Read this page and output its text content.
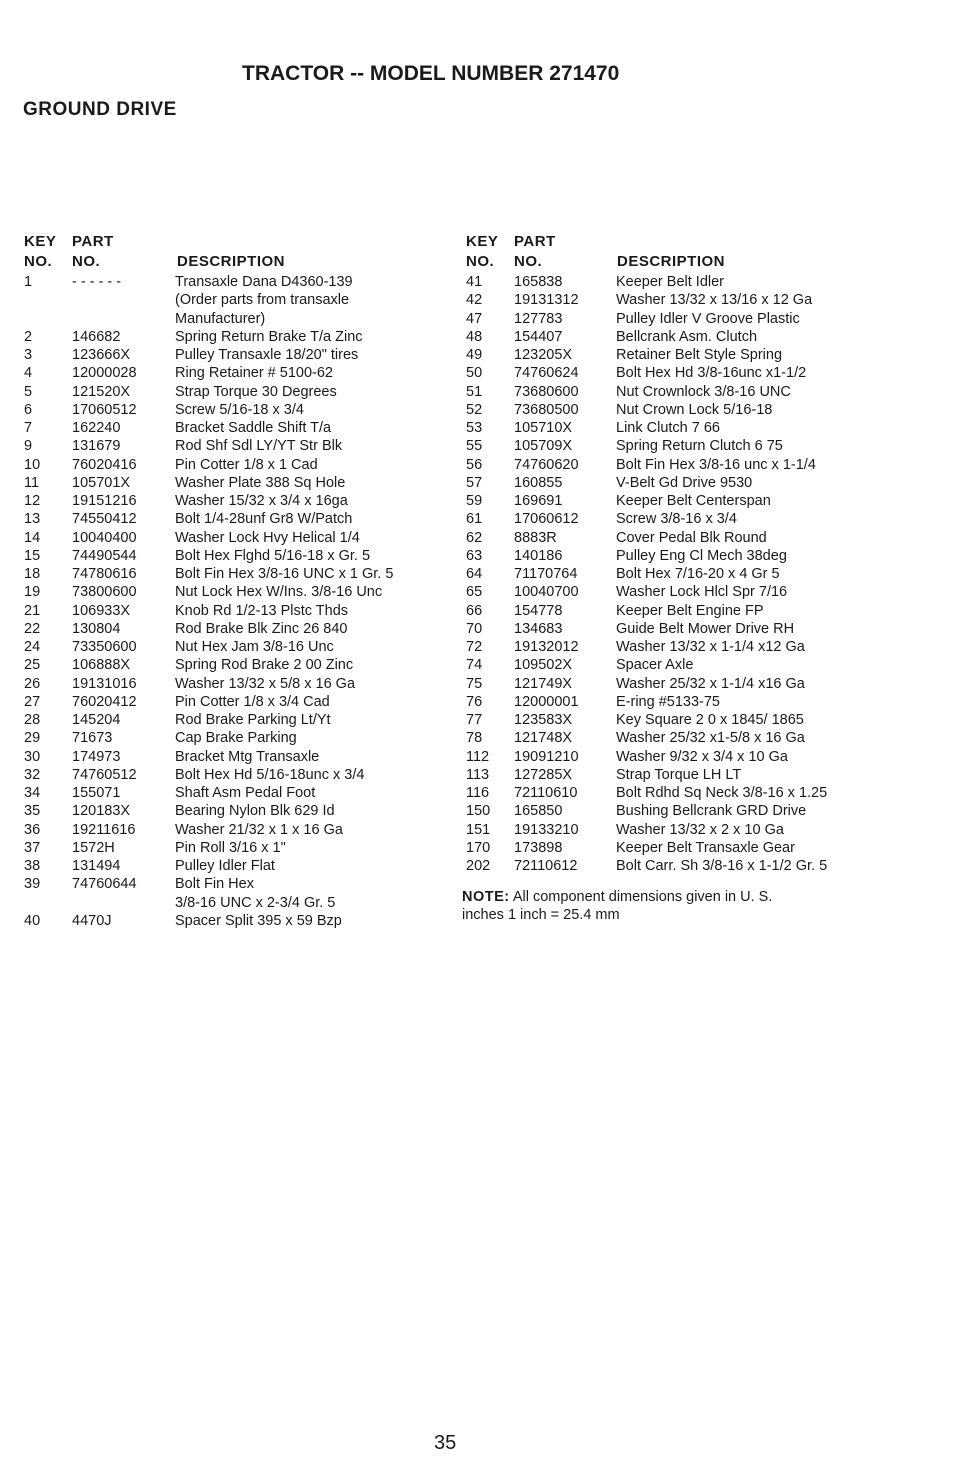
TRACTOR -- MODEL NUMBER 271470
GROUND DRIVE
KEY PART
NO. NO.	DESCRIPTION
1	- - - - - -	Transaxle Dana D4360-139
(Order parts from transaxle
Manufacturer)
2	146682	Spring Return Brake T/a Zinc
3	123666X	Pulley Transaxle 18/20" tires
4	12000028	Ring Retainer # 5100-62
5	121520X	Strap Torque 30 Degrees
6	17060512	Screw 5/16-18 x 3/4
7	162240	Bracket Saddle Shift T/a
9	131679	Rod Shf Sdl LY/YT Str Blk
10 76020416	Pin Cotter 1/8 x 1 Cad
11 105701X	Washer Plate 388 Sq Hole
12 19151216	Washer 15/32 x 3/4 x 16ga
13 74550412	Bolt 1/4-28unf Gr8 W/Patch
14 10040400	Washer Lock Hvy Helical 1/4
15 74490544	Bolt Hex Flghd 5/16-18 x Gr. 5
18 74780616	Bolt Fin Hex 3/8-16 UNC x 1 Gr. 5
19 73800600	Nut Lock Hex W/Ins. 3/8-16 Unc
21 106933X	Knob Rd 1/2-13 Plstc Thds
22 130804	Rod Brake Blk Zinc 26 840
24 73350600	Nut Hex Jam 3/8-16 Unc
25 106888X	Spring Rod Brake 2 00 Zinc
26 19131016	Washer 13/32 x 5/8 x 16 Ga
27 76020412	Pin Cotter 1/8 x 3/4 Cad
28 145204	Rod Brake Parking Lt/Yt
29 71673	Cap Brake Parking
30 174973	Bracket Mtg Transaxle
32 74760512	Bolt Hex Hd 5/16-18unc x 3/4
34 155071	Shaft Asm Pedal Foot
35 120183X	Bearing Nylon Blk 629 Id
36 19211616	Washer 21/32 x 1 x 16 Ga
37 1572H	Pin Roll 3/16 x 1"
38 131494	Pulley Idler Flat
39 74760644	Bolt Fin Hex
3/8-16 UNC x 2-3/4 Gr. 5
40 4470J	Spacer Split 395 x 59 Bzp
KEY PART
NO. NO.	DESCRIPTION
41 165838	Keeper Belt Idler
42 19131312	Washer 13/32 x 13/16 x 12 Ga
47 127783	Pulley Idler V Groove Plastic
48 154407	Bellcrank Asm. Clutch
49 123205X	Retainer Belt Style Spring
50 74760624	Bolt Hex Hd 3/8-16unc x1-1/2
51 73680600	Nut Crownlock 3/8-16 UNC
52 73680500	Nut Crown Lock 5/16-18
53 105710X	Link Clutch 7 66
55 105709X	Spring Return Clutch 6 75
56 74760620	Bolt Fin Hex 3/8-16 unc x 1-1/4
57 160855	V-Belt Gd Drive 9530
59 169691	Keeper Belt Centerspan
61 17060612	Screw 3/8-16 x 3/4
62 8883R	Cover Pedal Blk Round
63 140186	Pulley Eng Cl Mech 38deg
64 71170764	Bolt Hex 7/16-20 x 4 Gr 5
65 10040700	Washer Lock Hlcl Spr 7/16
66 154778	Keeper Belt Engine FP
70 134683	Guide Belt Mower Drive RH
72 19132012	Washer 13/32 x 1-1/4 x12 Ga
74 109502X	Spacer Axle
75 121749X	Washer 25/32 x 1-1/4 x16 Ga
76 12000001	E-ring #5133-75
77 123583X	Key Square 2 0 x 1845/ 1865
78 121748X	Washer 25/32 x1-5/8 x 16 Ga
112 19091210	Washer 9/32 x 3/4 x 10 Ga
113 127285X	Strap Torque LH LT
116 72110610	Bolt Rdhd Sq Neck 3/8-16 x 1.25
150 165850	Bushing Bellcrank GRD Drive
151 19133210	Washer 13/32 x 2 x 10 Ga
170 173898	Keeper Belt Transaxle Gear
202 72110612	Bolt Carr. Sh 3/8-16 x 1-1/2 Gr. 5
NOTE: All component dimensions given in U. S.
inches 1 inch = 25.4 mm
35
